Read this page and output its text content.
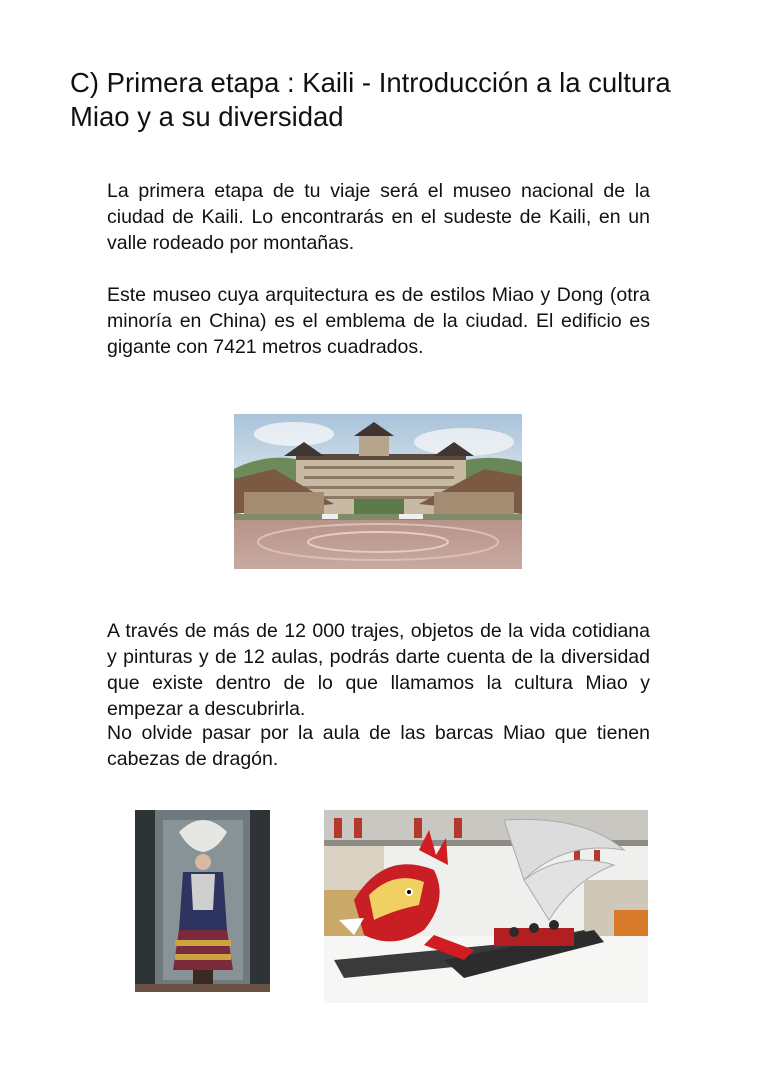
C) Primera etapa : Kaili - Introducción a la cultura Miao y a su diversidad

La primera etapa de tu viaje será el museo nacional de la ciudad de Kaili. Lo encontrarás en el sudeste de Kaili, en un valle rodeado por montañas.

Este museo cuya arquitectura es de estilos Miao y Dong (otra minoría en China) es el emblema de la ciudad. El edificio es gigante con 7421 metros cuadrados.

A través de más de 12 000 trajes, objetos de la vida cotidiana y pinturas y de 12 aulas, podrás darte cuenta de la diversidad que existe dentro de lo que llamamos la cultura Miao y empezar a descubrirla.

No olvide pasar por la aula de las barcas Miao que tienen cabezas de dragón.
